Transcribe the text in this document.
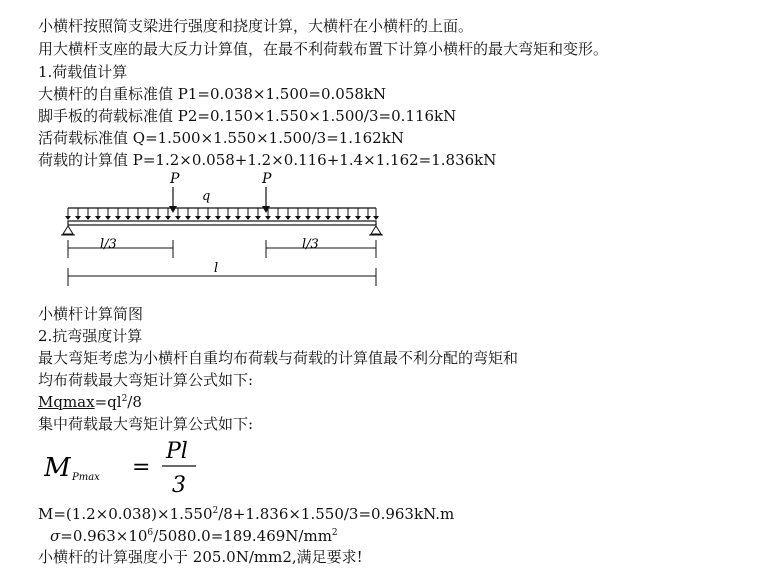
小横杆按照简支梁进行强度和挠度计算，大横杆在小横杆的上面。
用大横杆支座的最大反力计算值，在最不利荷载布置下计算小横杆的最大弯矩和变形。
1.荷载值计算
大横杆的自重标准值 P1=0.038×1.500=0.058kN
脚手板的荷载标准值 P2=0.150×1.550×1.500/3=0.116kN
活荷载标准值 Q=1.500×1.550×1.500/3=1.162kN
荷载的计算值 P=1.2×0.058+1.2×0.116+1.4×1.162=1.836kN
P	P
q
l/3	l/3
l
小横杆计算简图
2.抗弯强度计算
最大弯矩考虑为小横杆自重均布荷载与荷载的计算值最不利分配的弯矩和
均布荷载最大弯矩计算公式如下:
$Mqmax=ql^2/8$
集中荷载最大弯矩计算公式如下:
M Pmax =
Pl
3
$M=(1.2\times 0.038)\times 1.550^2/8+1.836\times 1.550/3=0.963kN.m$
$\sigma=0.963\times 10^6/5080.0=189.469N/mm^2$
小横杆的计算强度小于 205.0N/mm2,满足要求!
